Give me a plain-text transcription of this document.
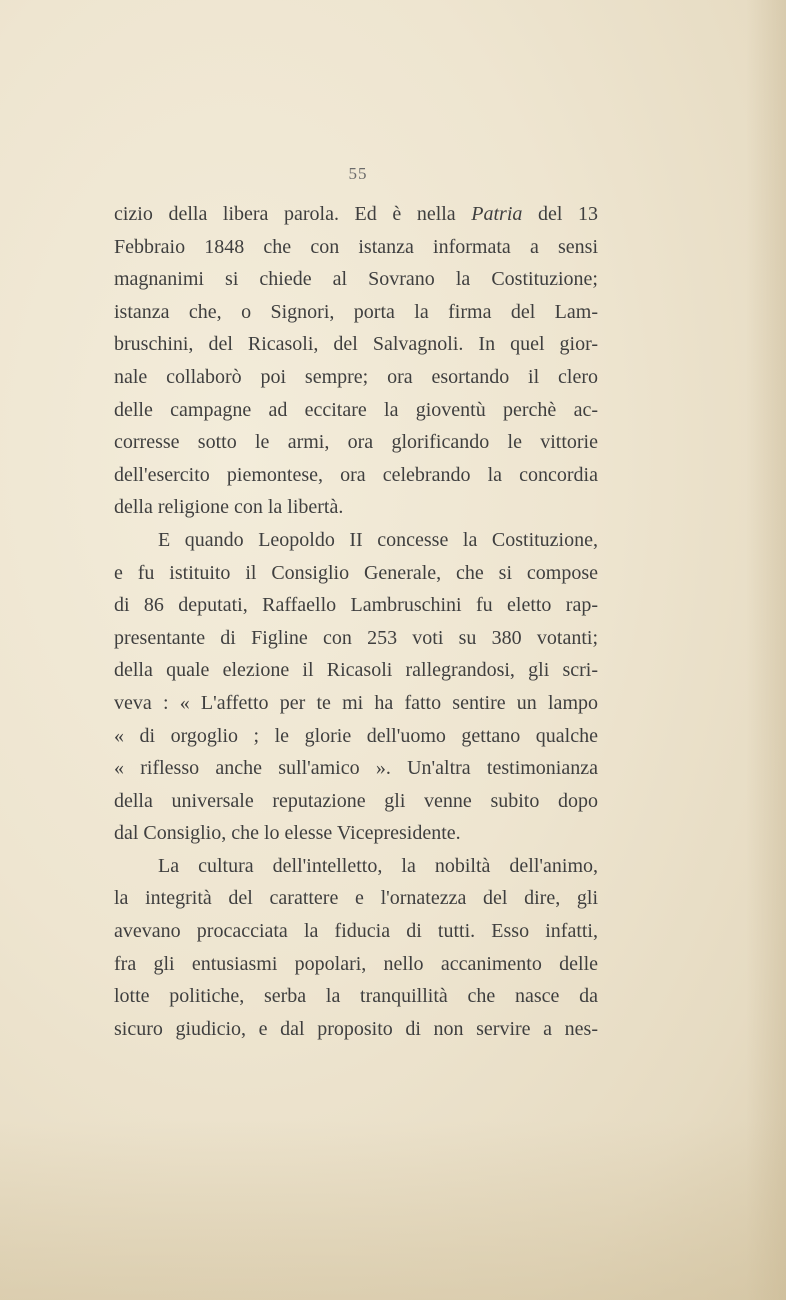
55
cizio della libera parola. Ed è nella Patria del 13
Febbraio 1848 che con istanza informata a sensi
magnanimi si chiede al Sovrano la Costituzione;
istanza che, o Signori, porta la firma del Lam-
bruschini, del Ricasoli, del Salvagnoli. In quel gior-
nale collaborò poi sempre; ora esortando il clero
delle campagne ad eccitare la gioventù perchè ac-
corresse sotto le armi, ora glorificando le vittorie
dell'esercito piemontese, ora celebrando la concordia
della religione con la libertà.
E quando Leopoldo II concesse la Costituzione,
e fu istituito il Consiglio Generale, che si compose
di 86 deputati, Raffaello Lambruschini fu eletto rap-
presentante di Figline con 253 voti su 380 votanti;
della quale elezione il Ricasoli rallegrandosi, gli scri-
veva : « L'affetto per te mi ha fatto sentire un lampo
« di orgoglio ; le glorie dell'uomo gettano qualche
« riflesso anche sull'amico ». Un'altra testimonianza
della universale reputazione gli venne subito dopo
dal Consiglio, che lo elesse Vicepresidente.
La cultura dell'intelletto, la nobiltà dell'animo,
la integrità del carattere e l'ornatezza del dire, gli
avevano procacciata la fiducia di tutti. Esso infatti,
fra gli entusiasmi popolari, nello accanimento delle
lotte politiche, serba la tranquillità che nasce da
sicuro giudicio, e dal proposito di non servire a nes-
